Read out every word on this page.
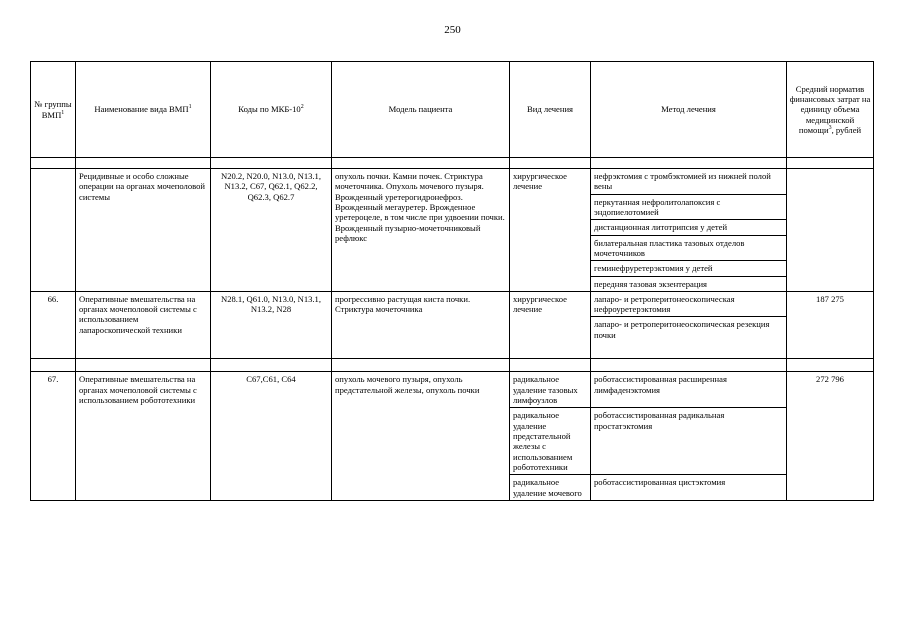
250
№ группы ВМП$^1$	Наименование вида ВМП$^1$	Коды по МКБ-$10^2$	Модель пациента	Вид лечения	Метод лечения	Средний норматив финансовых затрат на единицу объема медицинской помощи$^3$, рублей

	Рецидивные и особо сложные операции на органах мочеполовой системы	N20.2, N20.0, N13.0, N13.1, N13.2, C67, Q62.1, Q62.2, Q62.3, Q62.7	опухоль почки. Камни почек. Стриктура мочеточника. Опухоль мочевого пузыря. Врожденный уретерогидронефроз. Врожденный мегауретер. Врожденное уретероцеле, в том числе при удвоении почки. Врожденный пузырно-мочеточниковый рефлюкс	хирургическое лечение	нефрэктомия с тромбэктомией из нижней полой вены	
					перкутанная нефролитолапоксия с эндопиелотомией	
					дистанционная литотрипсия у детей	
					билатеральная пластика тазовых отделов мочеточников	
					геминефруретерэктомия у детей	
					передняя тазовая экзентерация	
66.	Оперативные вмешательства на органах мочеполовой системы с использованием лапароскопической техники	N28.1, Q61.0, N13.0, N13.1, N13.2, N28	прогрессивно растущая киста почки. Стриктура мочеточника	хирургическое лечение	лапаро- и ретроперитонеоскопическая нефроуретерэктомия	187 275
					лапаро- и ретроперитонеоскопическая резекция почки	

67.	Оперативные вмешательства на органах мочеполовой системы с использованием робототехники	C67,C61, C64	опухоль мочевого пузыря, опухоль предстательной железы, опухоль почки	радикальное удаление тазовых лимфоузлов	роботассистированная расширенная лимфаденэктомия	272 796
				радикальное удаление предстательной железы с использованием робототехники	роботассистированная радикальная простатэктомия	
				радикальное удаление мочевого	роботассистированная цистэктомия	
